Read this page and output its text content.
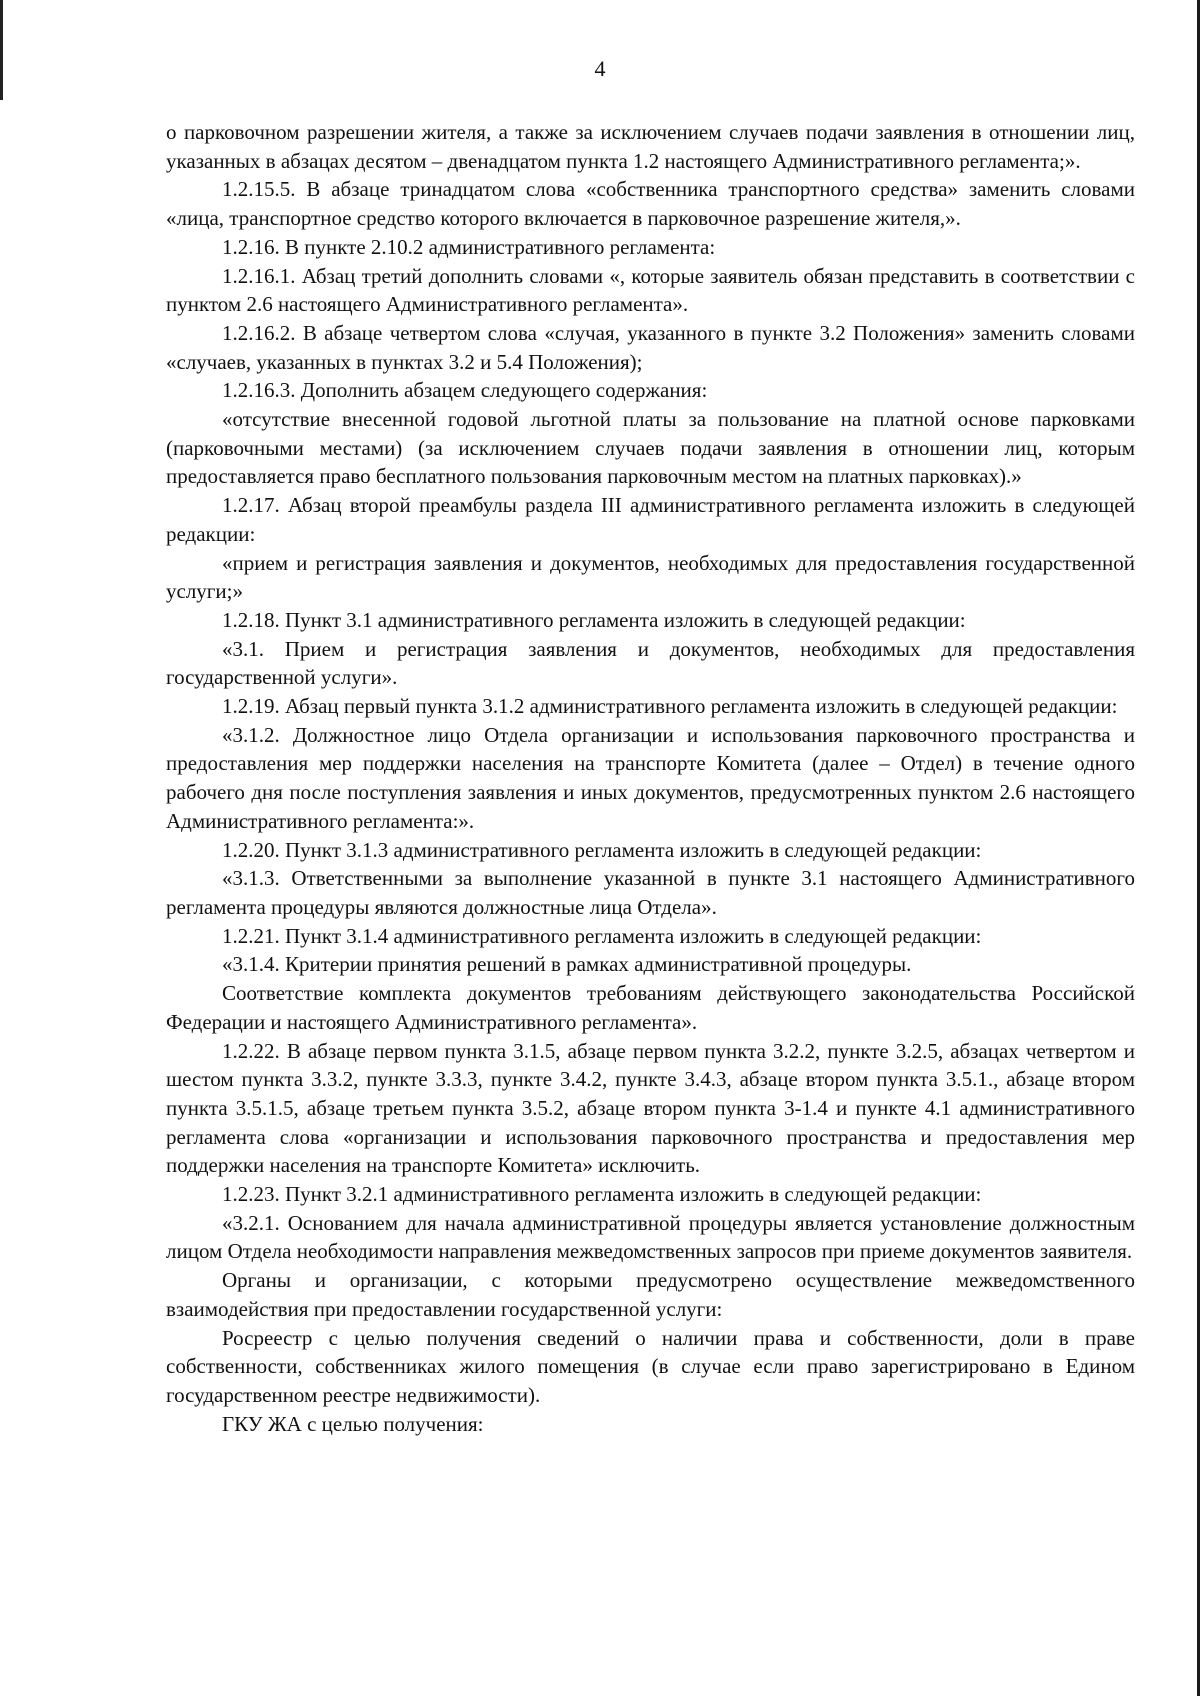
4

о парковочном разрешении жителя, а также за исключением случаев подачи заявления в отношении лиц, указанных в абзацах десятом – двенадцатом пункта 1.2 настоящего Административного регламента;».

1.2.15.5. В абзаце тринадцатом слова «собственника транспортного средства» заменить словами «лица, транспортное средство которого включается в парковочное разрешение жителя,».

1.2.16. В пункте 2.10.2 административного регламента:

1.2.16.1. Абзац третий дополнить словами «, которые заявитель обязан представить в соответствии с пунктом 2.6 настоящего Административного регламента».

1.2.16.2. В абзаце четвертом слова «случая, указанного в пункте 3.2 Положения» заменить словами «случаев, указанных в пунктах 3.2 и 5.4 Положения);

1.2.16.3. Дополнить абзацем следующего содержания:

«отсутствие внесенной годовой льготной платы за пользование на платной основе парковками (парковочными местами) (за исключением случаев подачи заявления в отношении лиц, которым предоставляется право бесплатного пользования парковочным местом на платных парковках).»

1.2.17. Абзац второй преамбулы раздела III административного регламента изложить в следующей редакции:

«прием и регистрация заявления и документов, необходимых для предоставления государственной услуги;»

1.2.18. Пункт 3.1 административного регламента изложить в следующей редакции:

«3.1. Прием и регистрация заявления и документов, необходимых для предоставления государственной услуги».

1.2.19. Абзац первый пункта 3.1.2 административного регламента изложить в следующей редакции:

«3.1.2. Должностное лицо Отдела организации и использования парковочного пространства и предоставления мер поддержки населения на транспорте Комитета (далее – Отдел) в течение одного рабочего дня после поступления заявления и иных документов, предусмотренных пунктом 2.6 настоящего Административного регламента:».

1.2.20. Пункт 3.1.3 административного регламента изложить в следующей редакции:

«3.1.3. Ответственными за выполнение указанной в пункте 3.1 настоящего Административного регламента процедуры являются должностные лица Отдела».

1.2.21. Пункт 3.1.4 административного регламента изложить в следующей редакции:

«3.1.4. Критерии принятия решений в рамках административной процедуры.

Соответствие комплекта документов требованиям действующего законодательства Российской Федерации и настоящего Административного регламента».

1.2.22. В абзаце первом пункта 3.1.5, абзаце первом пункта 3.2.2, пункте 3.2.5, абзацах четвертом и шестом пункта 3.3.2, пункте 3.3.3, пункте 3.4.2, пункте 3.4.3, абзаце втором пункта 3.5.1., абзаце втором пункта 3.5.1.5, абзаце третьем пункта 3.5.2, абзаце втором пункта 3-1.4 и пункте 4.1 административного регламента слова «организации и использования парковочного пространства и предоставления мер поддержки населения на транспорте Комитета» исключить.

1.2.23. Пункт 3.2.1 административного регламента изложить в следующей редакции:

«3.2.1. Основанием для начала административной процедуры является установление должностным лицом Отдела необходимости направления межведомственных запросов при приеме документов заявителя.

Органы и организации, с которыми предусмотрено осуществление межведомственного взаимодействия при предоставлении государственной услуги:

Росреестр с целью получения сведений о наличии права и собственности, доли в праве собственности, собственниках жилого помещения (в случае если право зарегистрировано в Едином государственном реестре недвижимости).

ГКУ ЖА с целью получения:
